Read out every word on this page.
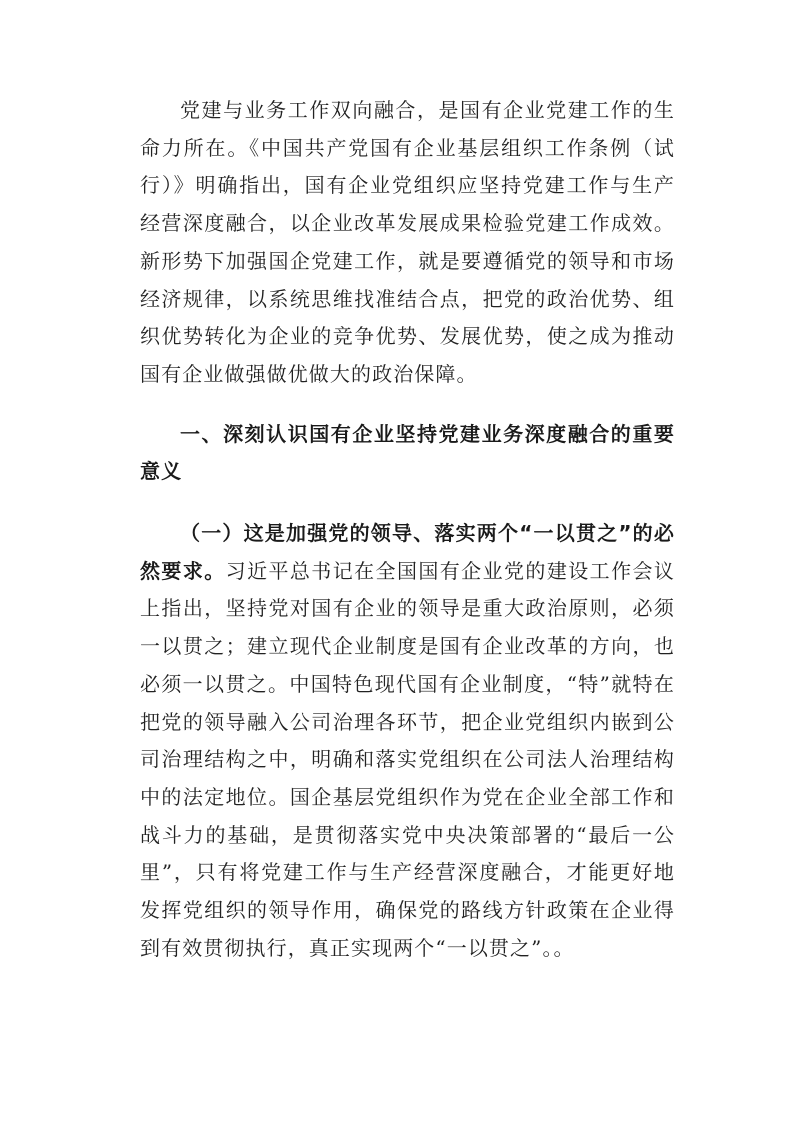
党建与业务工作双向融合，是国有企业党建工作的生命力所在。《中国共产党国有企业基层组织工作条例（试行）》明确指出，国有企业党组织应坚持党建工作与生产经营深度融合，以企业改革发展成果检验党建工作成效。新形势下加强国企党建工作，就是要遵循党的领导和市场经济规律，以系统思维找准结合点，把党的政治优势、组织优势转化为企业的竞争优势、发展优势，使之成为推动国有企业做强做优做大的政治保障。

一、深刻认识国有企业坚持党建业务深度融合的重要意义

（一）这是加强党的领导、落实两个“一以贯之”的必然要求。习近平总书记在全国国有企业党的建设工作会议上指出，坚持党对国有企业的领导是重大政治原则，必须一以贯之；建立现代企业制度是国有企业改革的方向，也必须一以贯之。中国特色现代国有企业制度，“特”就特在把党的领导融入公司治理各环节，把企业党组织内嵌到公司治理结构之中，明确和落实党组织在公司法人治理结构中的法定地位。国企基层党组织作为党在企业全部工作和战斗力的基础，是贯彻落实党中央决策部署的“最后一公里”，只有将党建工作与生产经营深度融合，才能更好地发挥党组织的领导作用，确保党的路线方针政策在企业得到有效贯彻执行，真正实现两个“一以贯之”。。
